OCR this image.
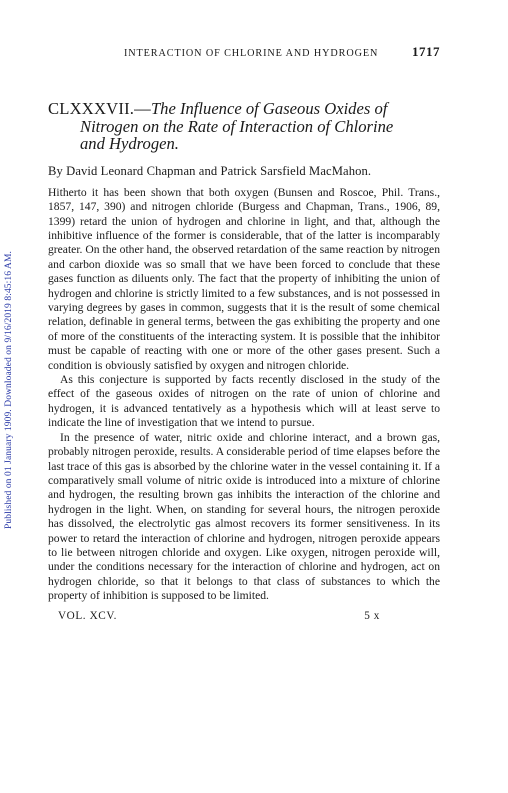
Published on 01 January 1909. Downloaded on 9/16/2019 8:45:16 AM.
INTERACTION OF CHLORINE AND HYDROGEN	1717
CLXXXVII.—The Influence of Gaseous Oxides of
Nitrogen on the Rate of Interaction of Chlorine
and Hydrogen.
By David Leonard Chapman and Patrick Sarsfield MacMahon.

Hitherto it has been shown that both oxygen (Bunsen and Roscoe, Phil. Trans., 1857, 147, 390) and nitrogen chloride (Burgess and Chapman, Trans., 1906, 89, 1399) retard the union of hydrogen and chlorine in light, and that, although the inhibitive influence of the former is considerable, that of the latter is incomparably greater. On the other hand, the observed retardation of the same reaction by nitrogen and carbon dioxide was so small that we have been forced to conclude that these gases function as diluents only. The fact that the property of inhibiting the union of hydrogen and chlorine is strictly limited to a few substances, and is not possessed in varying degrees by gases in common, suggests that it is the result of some chemical relation, definable in general terms, between the gas exhibiting the property and one of more of the constituents of the interacting system. It is possible that the inhibitor must be capable of reacting with one or more of the other gases present. Such a condition is obviously satisfied by oxygen and nitrogen chloride.

As this conjecture is supported by facts recently disclosed in the study of the effect of the gaseous oxides of nitrogen on the rate of union of chlorine and hydrogen, it is advanced tentatively as a hypothesis which will at least serve to indicate the line of investigation that we intend to pursue.

In the presence of water, nitric oxide and chlorine interact, and a brown gas, probably nitrogen peroxide, results. A considerable period of time elapses before the last trace of this gas is absorbed by the chlorine water in the vessel containing it. If a comparatively small volume of nitric oxide is introduced into a mixture of chlorine and hydrogen, the resulting brown gas inhibits the interaction of the chlorine and hydrogen in the light. When, on standing for several hours, the nitrogen peroxide has dissolved, the electrolytic gas almost recovers its former sensitiveness. In its power to retard the interaction of chlorine and hydrogen, nitrogen peroxide appears to lie between nitrogen chloride and oxygen. Like oxygen, nitrogen peroxide will, under the conditions necessary for the interaction of chlorine and hydrogen, act on hydrogen chloride, so that it belongs to that class of substances to which the property of inhibition is supposed to be limited.

VOL. XCV.	5 x
